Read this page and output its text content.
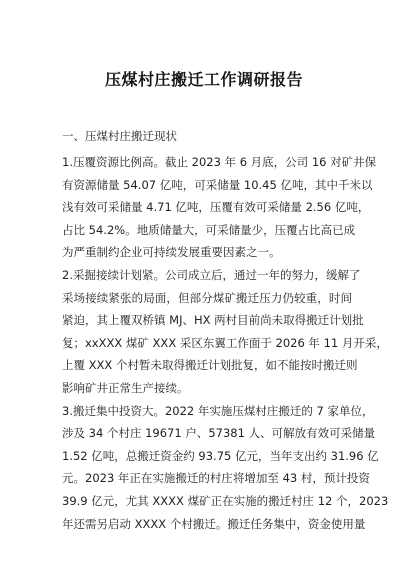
压煤村庄搬迁工作调研报告
一、压煤村庄搬迁现状
1.压覆资源比例高。截止 2023 年 6 月底，公司 16 对矿井保
有资源储量 54.07 亿吨，可采储量 10.45 亿吨，其中千米以
浅有效可采储量 4.71 亿吨，压覆有效可采储量 2.56 亿吨，
占比 54.2%。地质储量大，可采储量少，压覆占比高已成
为严重制约企业可持续发展重要因素之一。
2.采掘接续计划紧。公司成立后，通过一年的努力，缓解了
采场接续紧张的局面，但部分煤矿搬迁压力仍较重，时间
紧迫，其上覆双桥镇 MJ、HX 两村目前尚未取得搬迁计划批
复；xxXXX 煤矿 XXX 采区东翼工作面于 2026 年 11 月开采，
上覆 XXX 个村暂未取得搬迁计划批复，如不能按时搬迁则
影响矿井正常生产接续。
3.搬迁集中投资大。2022 年实施压煤村庄搬迁的 7 家单位，
涉及 34 个村庄 19671 户、57381 人、可解放有效可采储量
1.52 亿吨，总搬迁资金约 93.75 亿元，当年支出约 31.96 亿
元。2023 年正在实施搬迁的村庄将增加至 43 村，预计投资
39.9 亿元，尤其 XXXX 煤矿正在实施的搬迁村庄 12 个，2023
年还需另启动 XXXX 个村搬迁。搬迁任务集中，资金使用量
